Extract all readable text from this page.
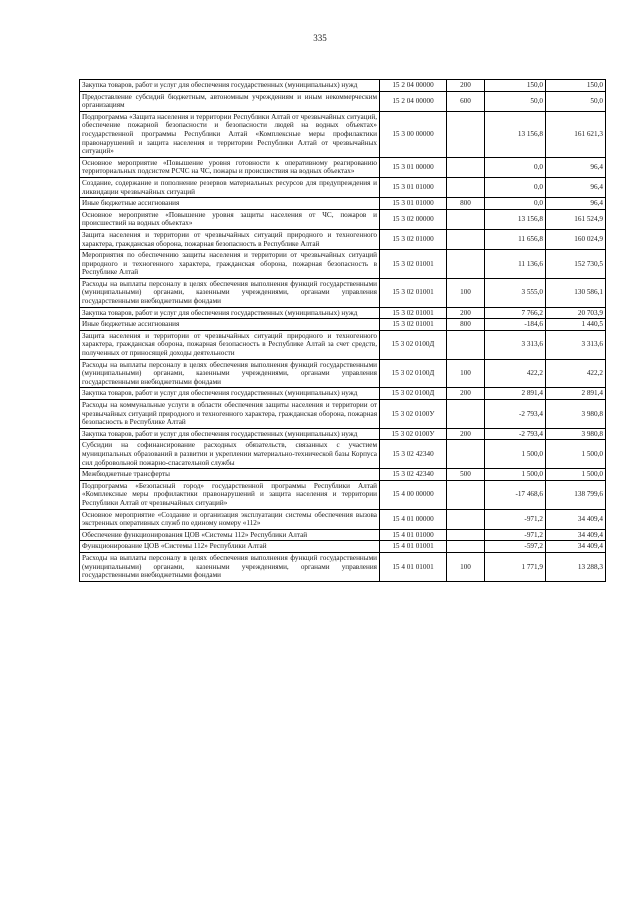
335
Закупка товаров, работ и услуг для обеспечения государственных (муниципальных) нужд	15 2 04 00000	200	150,0	150,0
Предоставление субсидий бюджетным, автономным учреждениям и иным некоммерческим организациям	15 2 04 00000	600	50,0	50,0
Подпрограмма «Защита населения и территории Республики Алтай от чрезвычайных ситуаций, обеспечение пожарной безопасности и безопасности людей на водных объектах» государственной программы Республики Алтай «Комплексные меры профилактики правонарушений и защита населения и территории Республики Алтай от чрезвычайных ситуаций»	15 3 00 00000		13 156,8	161 621,3
Основное мероприятие «Повышение уровня готовности к оперативному реагированию территориальных подсистем РСЧС на ЧС, пожары и происшествия на водных объектах»	15 3 01 00000		0,0	96,4
Создание, содержание и пополнение резервов материальных ресурсов для предупреждения и ликвидации чрезвычайных ситуаций	15 3 01 01000		0,0	96,4
Иные бюджетные ассигнования	15 3 01 01000	800	0,0	96,4
Основное мероприятие «Повышение уровня защиты населения от ЧС, пожаров и происшествий на водных объектах»	15 3 02 00000		13 156,8	161 524,9
Защита населения и территории от чрезвычайных ситуаций природного и техногенного характера, гражданская оборона, пожарная безопасность в Республике Алтай	15 3 02 01000		11 656,8	160 024,9
Мероприятия по обеспечению защиты населения и территории от чрезвычайных ситуаций природного и техногенного характера, гражданская оборона, пожарная безопасность в Республике Алтай	15 3 02 01001		11 136,6	152 730,5
Расходы на выплаты персоналу в целях обеспечения выполнения функций государственными (муниципальными) органами, казенными учреждениями, органами управления государственными внебюджетными фондами	15 3 02 01001	100	3 555,0	130 586,1
Закупка товаров, работ и услуг для обеспечения государственных (муниципальных) нужд	15 3 02 01001	200	7 766,2	20 703,9
Иные бюджетные ассигнования	15 3 02 01001	800	-184,6	1 440,5
Защита населения и территории от чрезвычайных ситуаций природного и техногенного характера, гражданская оборона, пожарная безопасность в Республике Алтай за счет средств, полученных от приносящей доходы деятельности	15 3 02 0100Д		3 313,6	3 313,6
Расходы на выплаты персоналу в целях обеспечения выполнения функций государственными (муниципальными) органами, казенными учреждениями, органами управления государственными внебюджетными фондами	15 3 02 0100Д	100	422,2	422,2
Закупка товаров, работ и услуг для обеспечения государственных (муниципальных) нужд	15 3 02 0100Д	200	2 891,4	2 891,4
Расходы на коммунальные услуги в области обеспечения защиты населения и территории от чрезвычайных ситуаций природного и техногенного характера, гражданская оборона, пожарная безопасность в Республике Алтай	15 3 02 0100У		-2 793,4	3 980,8
Закупка товаров, работ и услуг для обеспечения государственных (муниципальных) нужд	15 3 02 0100У	200	-2 793,4	3 980,8
Субсидии на софинансирование расходных обязательств, связанных с участием муниципальных образований в развитии и укреплении материально-технической базы Корпуса сил добровольной пожарно-спасательной службы	15 3 02 42340		1 500,0	1 500,0
Межбюджетные трансферты	15 3 02 42340	500	1 500,0	1 500,0
Подпрограмма «Безопасный город» государственной программы Республики Алтай «Комплексные меры профилактики правонарушений и защита населения и территории Республики Алтай от чрезвычайных ситуаций»	15 4 00 00000		-17 468,6	138 799,6
Основное мероприятие «Создание и организация эксплуатации системы обеспечения вызова экстренных оперативных служб по единому номеру «112»	15 4 01 00000		-971,2	34 409,4
Обеспечение функционирования ЦОВ «Системы 112» Республики Алтай	15 4 01 01000		-971,2	34 409,4
Функционирование ЦОВ «Системы 112» Республики Алтай	15 4 01 01001		-597,2	34 409,4
Расходы на выплаты персоналу в целях обеспечения выполнения функций государственными (муниципальными) органами, казенными учреждениями, органами управления государственными внебюджетными фондами	15 4 01 01001	100	1 771,9	13 288,3
